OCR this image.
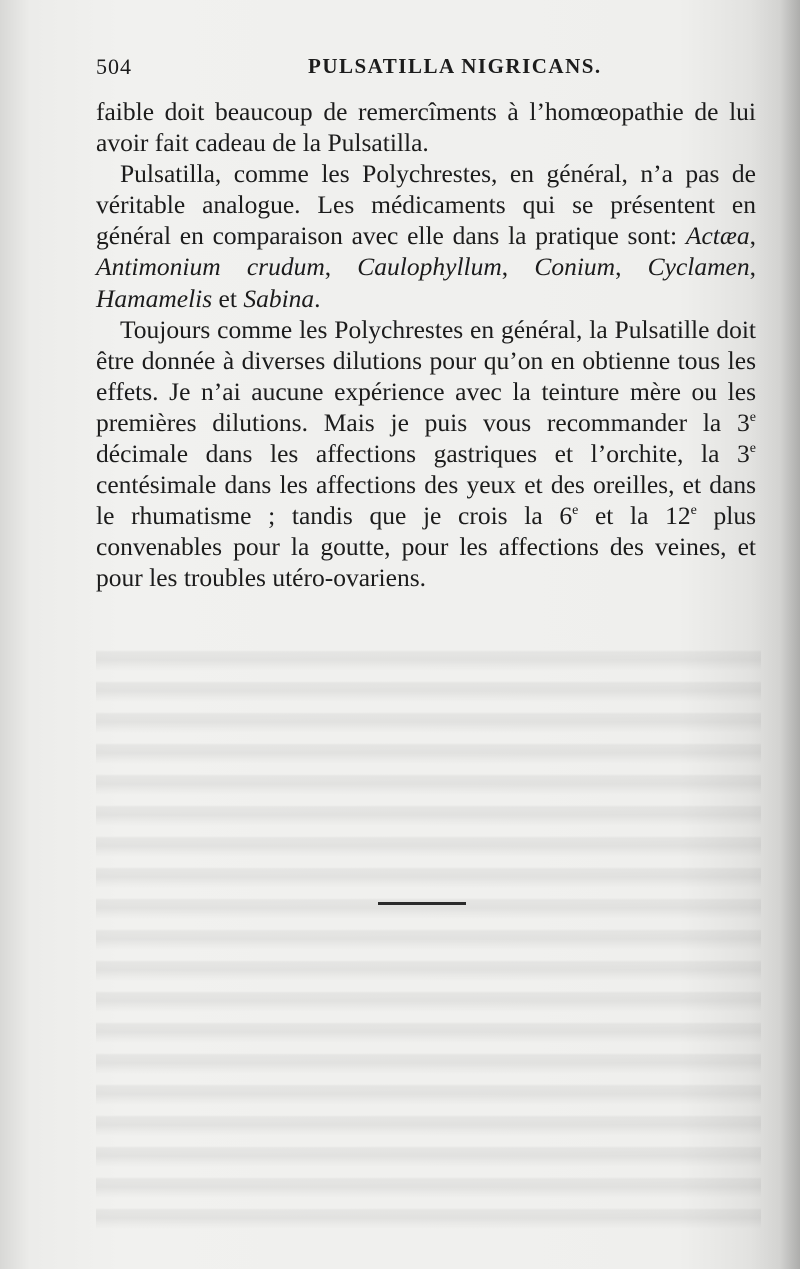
504	PULSATILLA NIGRICANS.

faible doit beaucoup de remercîments à l’homœopathie de lui avoir fait cadeau de la Pulsatilla.

Pulsatilla, comme les Polychrestes, en général, n’a pas de véritable analogue. Les médicaments qui se présentent en général en comparaison avec elle dans la pratique sont: Actæa, Antimonium crudum, Caulophyllum, Conium, Cyclamen, Hamamelis et Sabina.

Toujours comme les Polychrestes en général, la Pulsatille doit être donnée à diverses dilutions pour qu’on en obtienne tous les effets. Je n’ai aucune expérience avec la teinture mère ou les premières dilutions. Mais je puis vous recommander la 3e décimale dans les affections gastriques et l’orchite, la 3e centésimale dans les affections des yeux et des oreilles, et dans le rhumatisme ; tandis que je crois la 6e et la 12e plus convenables pour la goutte, pour les affections des veines, et pour les troubles utéro-ovariens.
